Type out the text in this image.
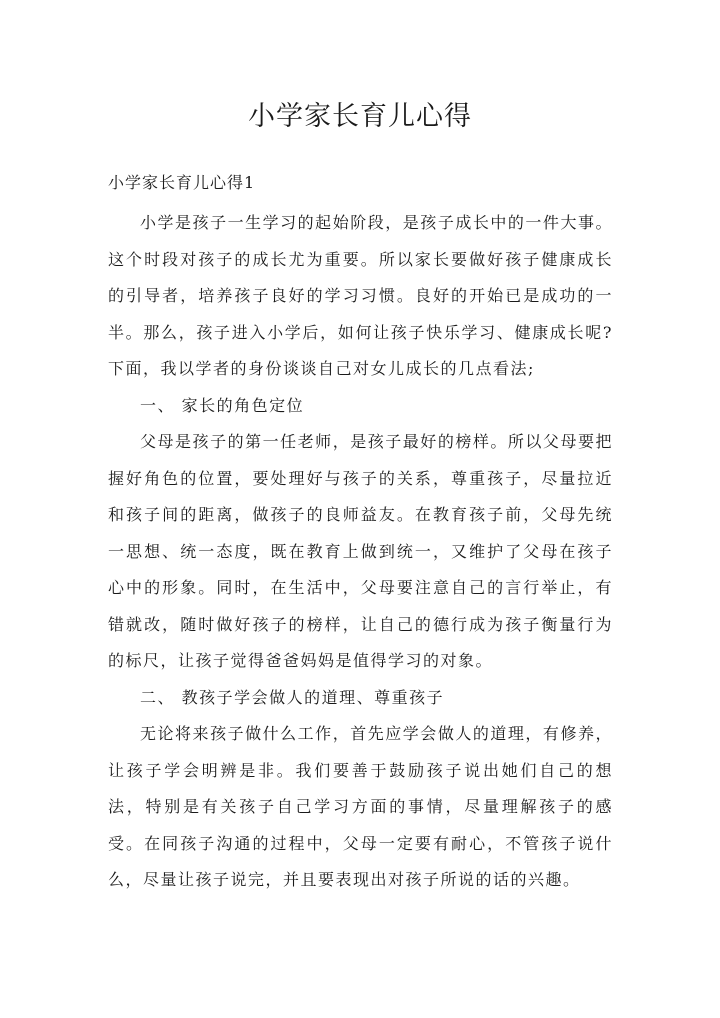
小学家长育儿心得
小学家长育儿心得1

小学是孩子一生学习的起始阶段，是孩子成长中的一件大事。这个时段对孩子的成长尤为重要。所以家长要做好孩子健康成长的引导者，培养孩子良好的学习习惯。良好的开始已是成功的一半。那么，孩子进入小学后，如何让孩子快乐学习、健康成长呢?下面，我以学者的身份谈谈自己对女儿成长的几点看法;

一、 家长的角色定位

父母是孩子的第一任老师，是孩子最好的榜样。所以父母要把握好角色的位置，要处理好与孩子的关系，尊重孩子，尽量拉近和孩子间的距离，做孩子的良师益友。在教育孩子前，父母先统一思想、统一态度，既在教育上做到统一，又维护了父母在孩子心中的形象。同时，在生活中，父母要注意自己的言行举止，有错就改，随时做好孩子的榜样，让自己的德行成为孩子衡量行为的标尺，让孩子觉得爸爸妈妈是值得学习的对象。

二、 教孩子学会做人的道理、尊重孩子

无论将来孩子做什么工作，首先应学会做人的道理，有修养，让孩子学会明辨是非。我们要善于鼓励孩子说出她们自己的想法，特别是有关孩子自己学习方面的事情，尽量理解孩子的感受。在同孩子沟通的过程中，父母一定要有耐心，不管孩子说什么，尽量让孩子说完，并且要表现出对孩子所说的话的兴趣。
